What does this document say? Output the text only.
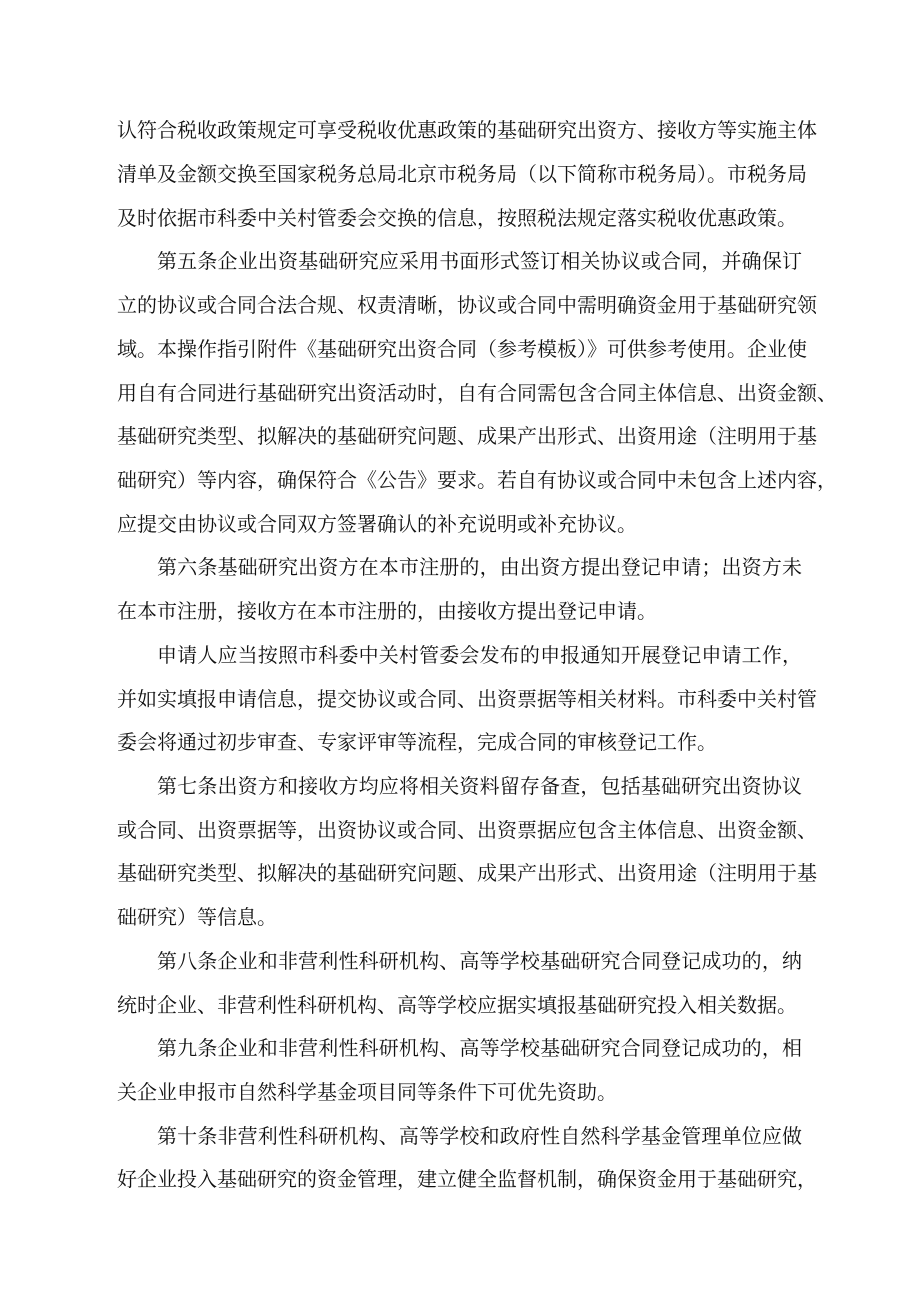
认符合税收政策规定可享受税收优惠政策的基础研究出资方、接收方等实施主体
清单及金额交换至国家税务总局北京市税务局（以下简称市税务局）。市税务局
及时依据市科委中关村管委会交换的信息，按照税法规定落实税收优惠政策。
第五条企业出资基础研究应采用书面形式签订相关协议或合同，并确保订
立的协议或合同合法合规、权责清晰，协议或合同中需明确资金用于基础研究领
域。本操作指引附件《基础研究出资合同（参考模板）》可供参考使用。企业使
用自有合同进行基础研究出资活动时，自有合同需包含合同主体信息、出资金额、
基础研究类型、拟解决的基础研究问题、成果产出形式、出资用途（注明用于基
础研究）等内容，确保符合《公告》要求。若自有协议或合同中未包含上述内容，
应提交由协议或合同双方签署确认的补充说明或补充协议。
第六条基础研究出资方在本市注册的，由出资方提出登记申请；出资方未
在本市注册，接收方在本市注册的，由接收方提出登记申请。
申请人应当按照市科委中关村管委会发布的申报通知开展登记申请工作，
并如实填报申请信息，提交协议或合同、出资票据等相关材料。市科委中关村管
委会将通过初步审查、专家评审等流程，完成合同的审核登记工作。
第七条出资方和接收方均应将相关资料留存备查，包括基础研究出资协议
或合同、出资票据等，出资协议或合同、出资票据应包含主体信息、出资金额、
基础研究类型、拟解决的基础研究问题、成果产出形式、出资用途（注明用于基
础研究）等信息。
第八条企业和非营利性科研机构、高等学校基础研究合同登记成功的，纳
统时企业、非营利性科研机构、高等学校应据实填报基础研究投入相关数据。
第九条企业和非营利性科研机构、高等学校基础研究合同登记成功的，相
关企业申报市自然科学基金项目同等条件下可优先资助。
第十条非营利性科研机构、高等学校和政府性自然科学基金管理单位应做
好企业投入基础研究的资金管理，建立健全监督机制，确保资金用于基础研究，
